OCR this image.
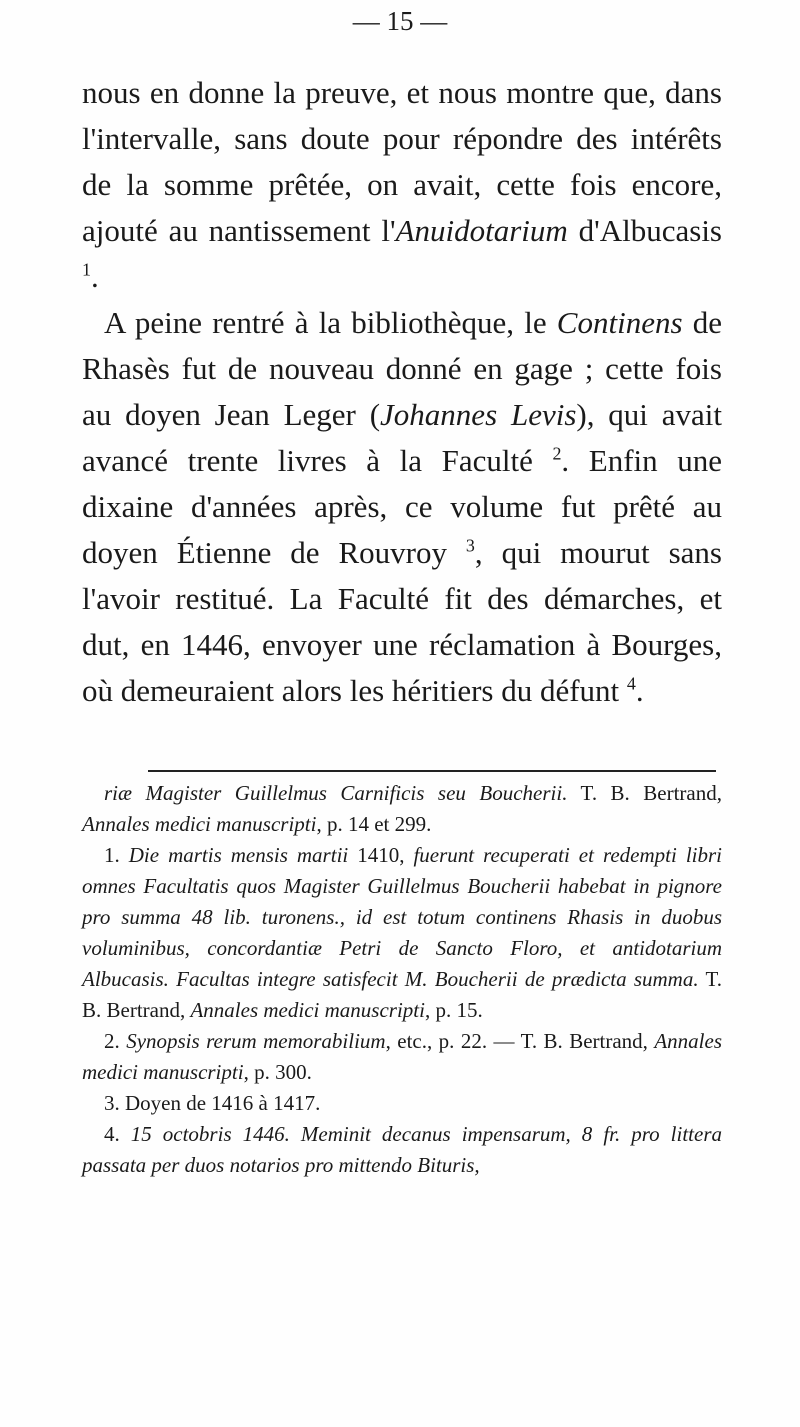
— 15 —

nous en donne la preuve, et nous montre que, dans l'intervalle, sans doute pour répondre des intérêts de la somme prêtée, on avait, cette fois encore, ajouté au nantissement l'Anuidotarium d'Albucasis $^1$.

A peine rentré à la bibliothèque, le Continens de Rhasès fut de nouveau donné en gage ; cette fois au doyen Jean Leger (Johannes Levis), qui avait avancé trente livres à la Faculté $^2$. Enfin une dixaine d'années après, ce volume fut prêté au doyen Étienne de Rouvroy $^3$, qui mourut sans l'avoir restitué. La Faculté fit des démarches, et dut, en 1446, envoyer une réclamation à Bourges, où demeuraient alors les héritiers du défunt $^4$.

riæ Magister Guillelmus Carnificis seu Boucherii. T. B. Bertrand, Annales medici manuscripti, p. 14 et 299.

1. Die martis mensis martii 1410, fuerunt recuperati et redempti libri omnes Facultatis quos Magister Guillelmus Boucherii habebat in pignore pro summa 48 lib. turonens., id est totum continens Rhasis in duobus voluminibus, concordantiæ Petri de Sancto Floro, et antidotarium Albucasis. Facultas integre satisfecit M. Boucherii de prædicta summa. T. B. Bertrand, Annales medici manuscripti, p. 15.

2. Synopsis rerum memorabilium, etc., p. 22. — T. B. Bertrand, Annales medici manuscripti, p. 300.

3. Doyen de 1416 à 1417.

4. 15 octobris 1446. Meminit decanus impensarum, 8 fr. pro littera passata per duos notarios pro mittendo Bituris,
